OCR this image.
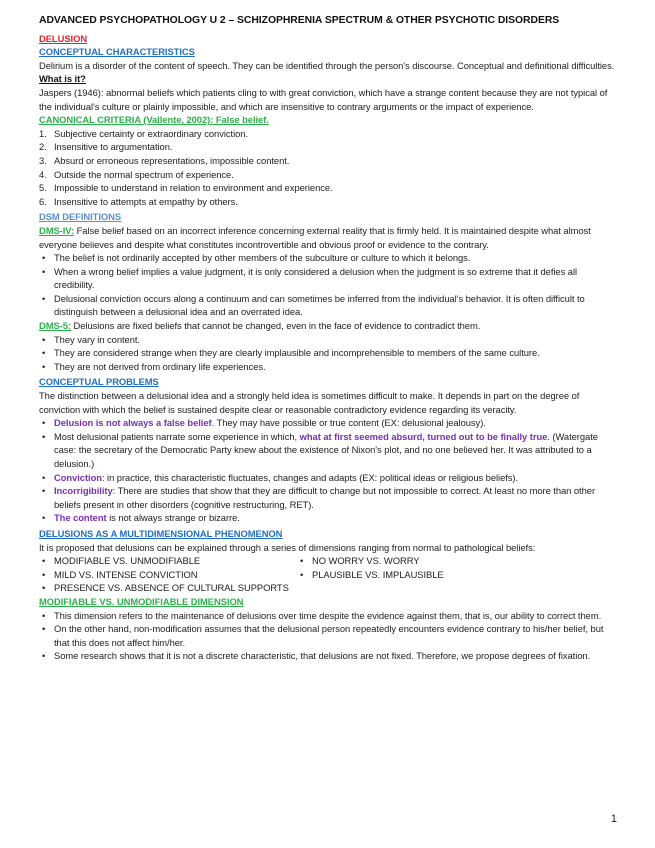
ADVANCED PSYCHOPATHOLOGY U 2 – SCHIZOPHRENIA SPECTRUM & OTHER PSYCHOTIC DISORDERS
DELUSION
CONCEPTUAL CHARACTERISTICS

Delirium is a disorder of the content of speech. They can be identified through the person's discourse. Conceptual and definitional difficulties.

What is it?

Jaspers (1946): abnormal beliefs which patients cling to with great conviction, which have a strange content because they are not typical of the individual's culture or plainly impossible, and which are insensitive to contrary arguments or the impact of experience.

CANONICAL CRITERIA (Vallente, 2002): False belief.
1. Subjective certainty or extraordinary conviction.
2. Insensitive to argumentation.
3. Absurd or erroneous representations, impossible content.
4. Outside the normal spectrum of experience.
5. Impossible to understand in relation to environment and experience.
6. Insensitive to attempts at empathy by others.
DSM DEFINITIONS

DMS-IV: False belief based on an incorrect inference concerning external reality that is firmly held. It is maintained despite what almost everyone believes and despite what constitutes incontrovertible and obvious proof or evidence to the contrary.

• The belief is not ordinarily accepted by other members of the subculture or culture to which it belongs.
• When a wrong belief implies a value judgment, it is only considered a delusion when the judgment is so extreme that it defies all credibility.
• Delusional conviction occurs along a continuum and can sometimes be inferred from the individual's behavior. It is often difficult to distinguish between a delusional idea and an overrated idea.

DMS-5: Delusions are fixed beliefs that cannot be changed, even in the face of evidence to contradict them.

• They vary in content.
• They are considered strange when they are clearly implausible and incomprehensible to members of the same culture.
• They are not derived from ordinary life experiences.
CONCEPTUAL PROBLEMS

The distinction between a delusional idea and a strongly held idea is sometimes difficult to make. It depends in part on the degree of conviction with which the belief is sustained despite clear or reasonable contradictory evidence regarding its veracity.

• Delusion is not always a false belief. They may have possible or true content (EX: delusional jealousy).
• Most delusional patients narrate some experience in which, what at first seemed absurd, turned out to be finally true. (Watergate case: the secretary of the Democratic Party knew about the existence of Nixon's plot, and no one believed her. It was attributed to a delusion.)
• Conviction: in practice, this characteristic fluctuates, changes and adapts (EX: political ideas or religious beliefs).
• Incorrigibility: There are studies that show that they are difficult to change but not impossible to correct. At least no more than other beliefs present in other disorders (cognitive restructuring, RET).
• The content is not always strange or bizarre.
DELUSIONS AS A MULTIDIMENSIONAL PHENOMENON

It is proposed that delusions can be explained through a series of dimensions ranging from normal to pathological beliefs:

• MODIFIABLE VS. UNMODIFIABLE
• MILD VS. INTENSE CONVICTION
• PRESENCE VS. ABSENCE OF CULTURAL SUPPORTS
• NO WORRY VS. WORRY
• PLAUSIBLE VS. IMPLAUSIBLE
MODIFIABLE VS. UNMODIFIABLE DIMENSION
• This dimension refers to the maintenance of delusions over time despite the evidence against them, that is, our ability to correct them.
• On the other hand, non-modification assumes that the delusional person repeatedly encounters evidence contrary to his/her belief, but that this does not affect him/her.
• Some research shows that it is not a discrete characteristic, that delusions are not fixed. Therefore, we propose degrees of fixation.
1
